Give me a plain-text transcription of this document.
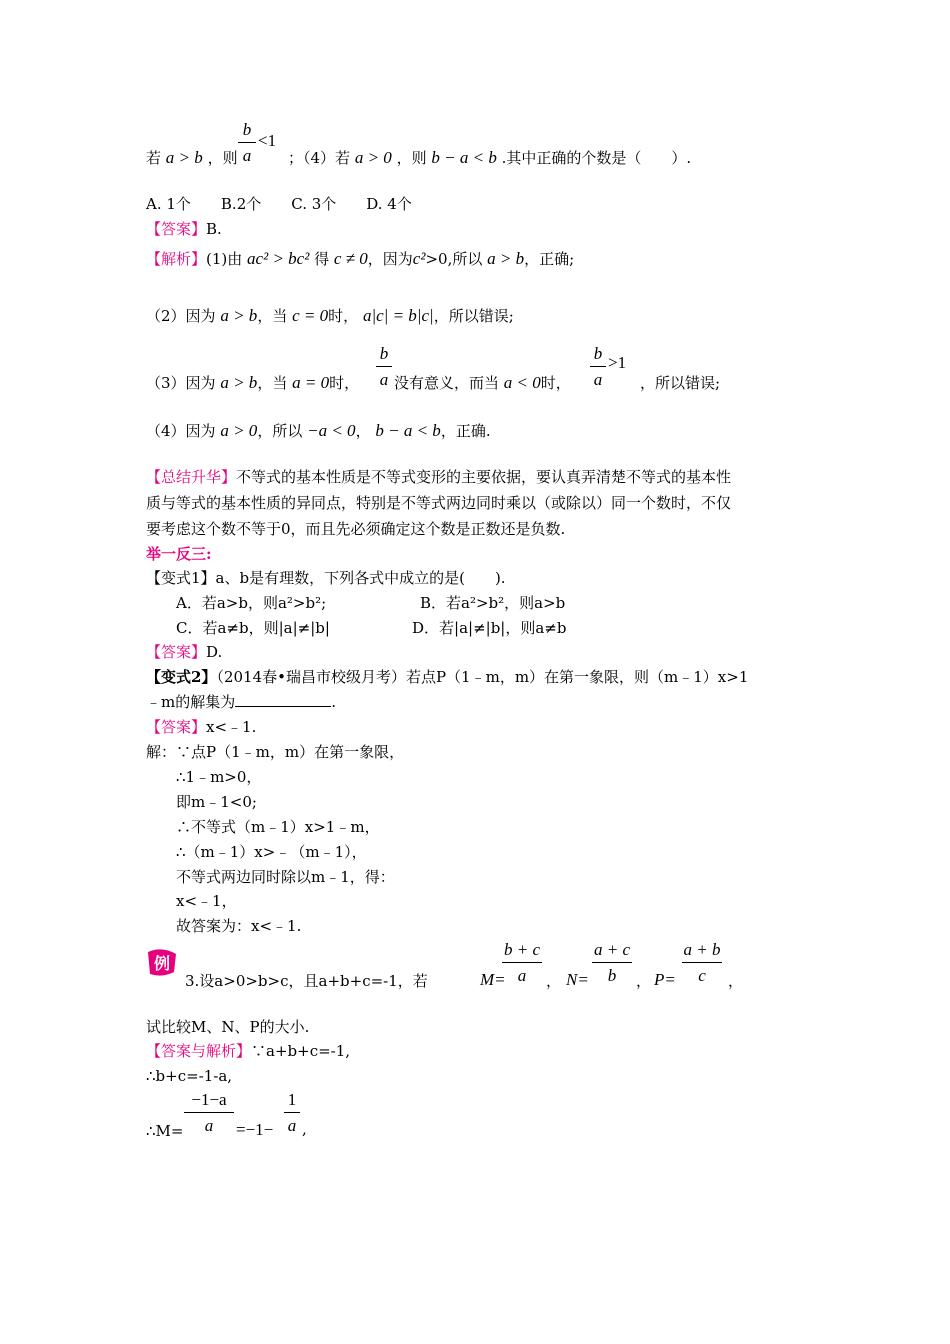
若 a > b ，则
b
a
<1
；（4）若 a > 0 ，则 b − a < b .其中正确的个数是（　　）.
A. 1个　　B.2个　　C. 3个　　D. 4个
【答案】B.
【解析】(1)由 ac² > bc² 得 c ≠ 0，因为c²>0,所以 a > b，正确;
（2）因为 a > b，当 c = 0时， a|c| = b|c|，所以错误;
（3）因为 a > b，当 a = 0时，
b
a 没有意义，而当 a < 0时，
b
a
>1
，所以错误;
（4）因为 a > 0，所以 −a < 0， b − a < b，正确.
【总结升华】不等式的基本性质是不等式变形的主要依据，要认真弄清楚不等式的基本性
质与等式的基本性质的异同点，特别是不等式两边同时乘以（或除以）同一个数时，不仅
要考虑这个数不等于0，而且先必须确定这个数是正数还是负数.
举一反三:
【变式1】a、b是有理数，下列各式中成立的是(　　).
A．若a>b，则a²>b²;	B．若a²>b²，则a>b
C．若a≠b，则|a|≠|b|	D．若|a|≠|b|，则a≠b
【答案】D.
【变式2】（2014春•瑞昌市校级月考）若点P（1﹣m，m）在第一象限，则（m﹣1）x>1
﹣m的解集为	.
【答案】x<﹣1.
解：∵点P（1﹣m，m）在第一象限，
∴1﹣m>0，
即m﹣1<0;
∴不等式（m﹣1）x>1﹣m，
∴（m﹣1）x>﹣（m﹣1），
不等式两边同时除以m﹣1，得：
x<﹣1，
故答案为：x<﹣1.
例
3.设a>0>b>c，且a+b+c=-1，若	M=
b + c
a	， N=
a + c
b	， P=
a + b
c	，
试比较M、N、P的大小.
【答案与解析】∵a+b+c=-1,
∴b+c=-1-a,
∴M=
−1−a
a	=−1−
1
a ,
